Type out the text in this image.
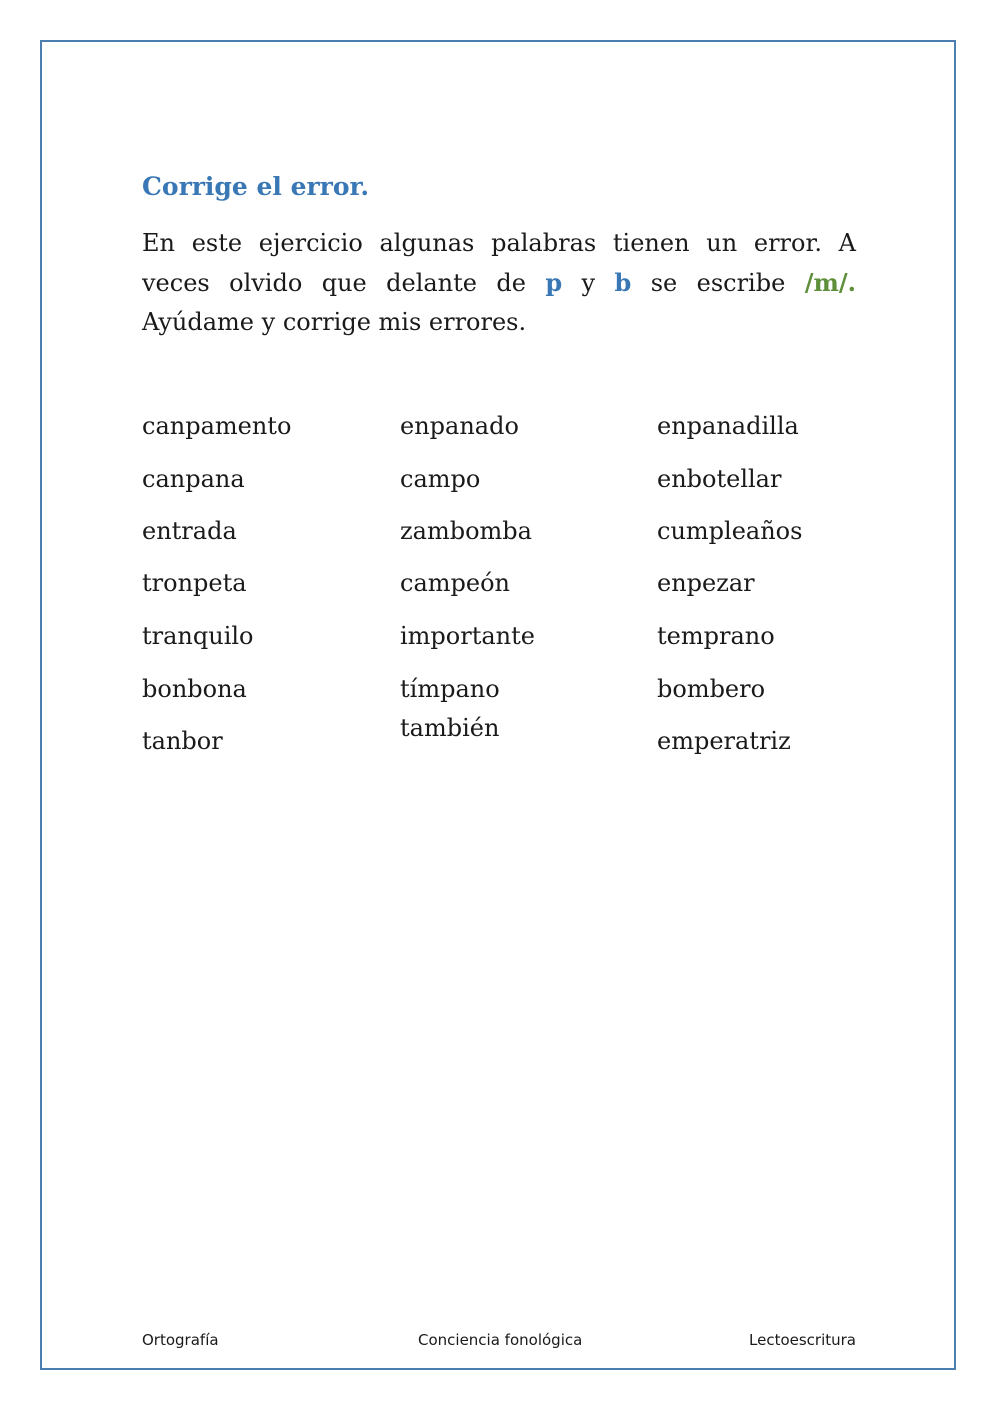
Corrige el error.

En este ejercicio algunas palabras tienen un error. A veces olvido que delante de p y b se escribe /m/. Ayúdame y corrige mis errores.

canpamento
canpana
entrada
tronpeta
tranquilo
bonbona
tanbor
enpanado
campo
zambomba
campeón
importante
tímpano
también
enpanadilla
enbotellar
cumpleaños
enpezar
temprano
bombero
emperatriz
Ortografía	Conciencia fonológica	Lectoescritura
